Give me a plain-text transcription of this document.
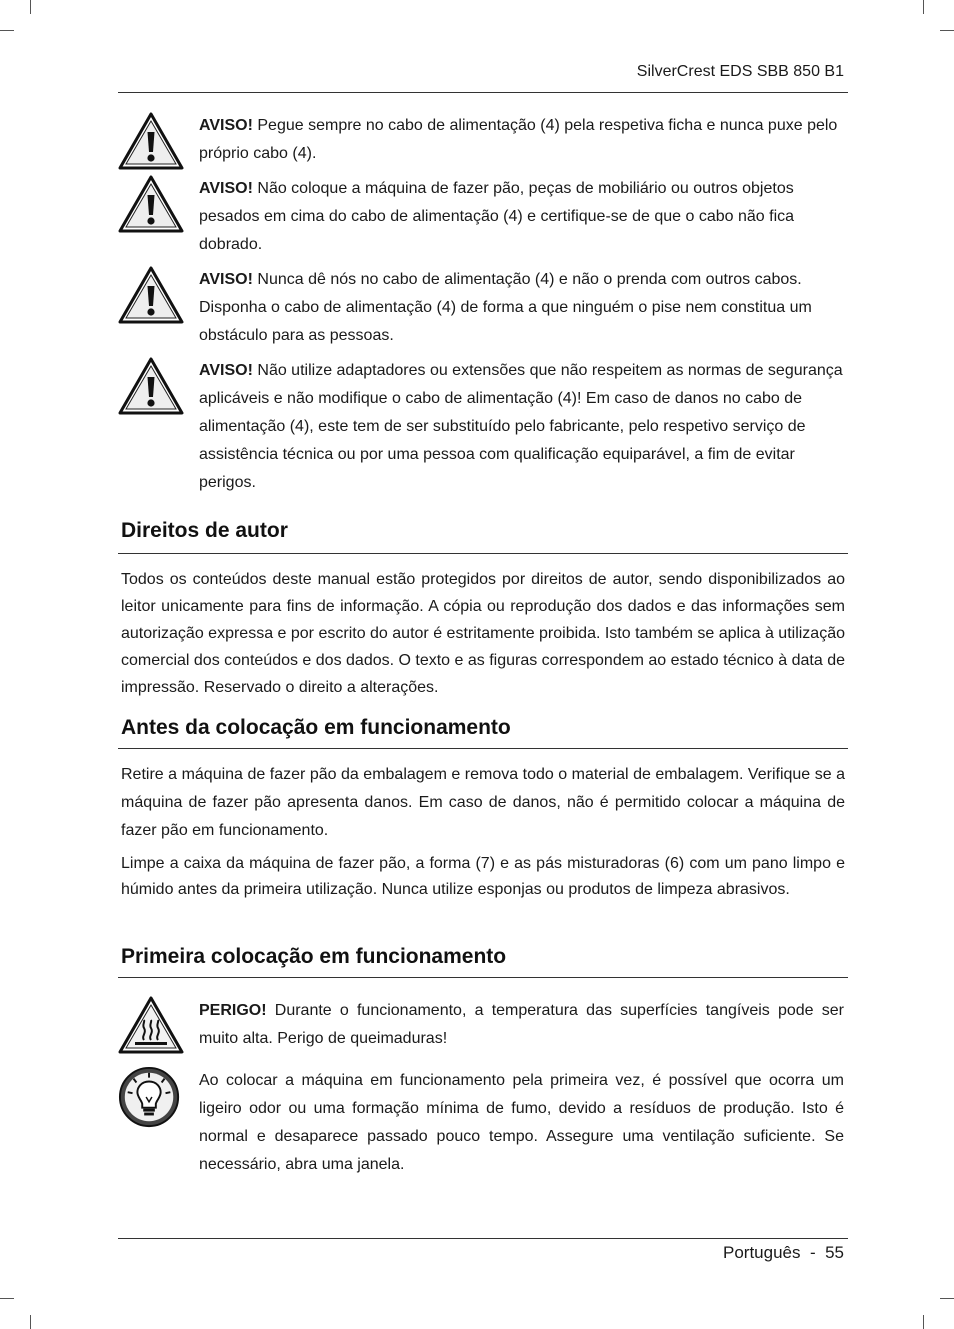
SilverCrest EDS SBB 850 B1
AVISO! Pegue sempre no cabo de alimentação (4) pela respetiva ficha e nunca puxe pelo próprio cabo (4).
AVISO! Não coloque a máquina de fazer pão, peças de mobiliário ou outros objetos pesados em cima do cabo de alimentação (4) e certifique-se de que o cabo não fica dobrado.
AVISO! Nunca dê nós no cabo de alimentação (4) e não o prenda com outros cabos. Disponha o cabo de alimentação (4) de forma a que ninguém o pise nem constitua um obstáculo para as pessoas.
AVISO! Não utilize adaptadores ou extensões que não respeitem as normas de segurança aplicáveis e não modifique o cabo de alimentação (4)! Em caso de danos no cabo de alimentação (4), este tem de ser substituído pelo fabricante, pelo respetivo serviço de assistência técnica ou por uma pessoa com qualificação equiparável, a fim de evitar perigos.
Direitos de autor
Todos os conteúdos deste manual estão protegidos por direitos de autor, sendo disponibilizados ao leitor unicamente para fins de informação. A cópia ou reprodução dos dados e das informações sem autorização expressa e por escrito do autor é estritamente proibida. Isto também se aplica à utilização comercial dos conteúdos e dos dados. O texto e as figuras correspondem ao estado técnico à data de impressão. Reservado o direito a alterações.
Antes da colocação em funcionamento
Retire a máquina de fazer pão da embalagem e remova todo o material de embalagem. Verifique se a máquina de fazer pão apresenta danos. Em caso de danos, não é permitido colocar a máquina de fazer pão em funcionamento.
Limpe a caixa da máquina de fazer pão, a forma (7) e as pás misturadoras (6) com um pano limpo e húmido antes da primeira utilização. Nunca utilize esponjas ou produtos de limpeza abrasivos.
Primeira colocação em funcionamento
PERIGO! Durante o funcionamento, a temperatura das superfícies tangíveis pode ser muito alta. Perigo de queimaduras!
Ao colocar a máquina em funcionamento pela primeira vez, é possível que ocorra um ligeiro odor ou uma formação mínima de fumo, devido a resíduos de produção. Isto é normal e desaparece passado pouco tempo. Assegure uma ventilação suficiente. Se necessário, abra uma janela.
Português - 55
